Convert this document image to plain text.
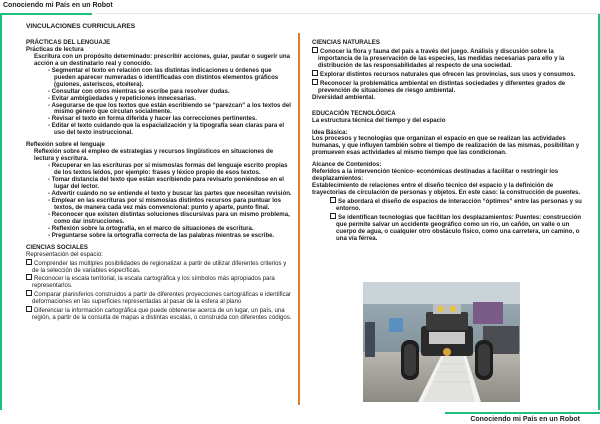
Conociendo mi País en un Robot
VINCULACIONES CURRICULARES
PRÁCTICAS DEL LENGUAJE
Prácticas de lectura
Escritura con un propósito determinado: prescribir acciones, guiar, pautar o sugerir una acción a un destinatario real y conocido.
- Segmentar el texto en relación con las distintas indicaciones u órdenes que pueden aparecer numeradas o identificadas con distintos elementos gráficos (guiones, asteriscos, etcétera).
- Consultar con otros mientras se escribe para resolver dudas.
- Evitar ambigüedades y repeticiones innecesarias.
- Asegurarse de que los textos que están escribiendo se “parezcan” a los textos del mismo género que circulan socialmente.
- Revisar el texto en forma diferida y hacer las correcciones pertinentes.
- Editar el texto cuidando que la espacialización y la tipografía sean claras para el uso del texto instruccional.
Reflexión sobre el lenguaje
Reflexión sobre el empleo de estrategias y recursos lingüísticos en situaciones de lectura y escritura.
- Recuperar en las escrituras por sí mismos/as formas del lenguaje escrito propias de los textos leídos, por ejemplo: frases y léxico propio de esos textos.
- Tomar distancia del texto que están escribiendo para revisarlo poniéndose en el lugar del lector.
- Advertir cuándo no se entiende el texto y buscar las partes que necesitan revisión.
- Emplear en las escrituras por sí mismos/as distintos recursos para puntuar los textos, de manera cada vez más convencional: punto y aparte, punto final.
- Reconocer que existen distintas soluciones discursivas para un mismo problema, como dar instrucciones.
- Reflexión sobre la ortografía, en el marco de situaciones de escritura.
- Preguntarse sobre la ortografía correcta de las palabras mientras se escribe.
CIENCIAS SOCIALES
Representación del espacio:
Comprender las múltiples posibilidades de regionalizar a partir de utilizar diferentes criterios y de la selección de variables específicas.
Reconocer la escala territorial, la escala cartográfica y los símbolos más apropiados para representarlos.
Comparar planisferios construidos a partir de diferentes proyecciones cartográficas e identificar deformaciones en las superficies representadas al pasar de la esfera al plano
Diferenciar la información cartográfica que puede obtenerse acerca de un lugar, un país, una región, a partir de la consulta de mapas a distintas escalas, o construida con diferentes códigos.
CIENCIAS NATURALES
Conocer la flora y fauna del país a través del juego. Análisis y discusión sobre la importancia de la preservación de las especies, las medidas necesarias para ello y la distribución de las responsabilidades al respecto de una sociedad.
Explorar distintos recursos naturales que ofrecen las provincias, sus usos y consumos.
Reconocer la problemática ambiental en distintas sociedades y diferentes grados de prevención de situaciones de riesgo ambiental.
Diversidad ambiental.
EDUCACIÓN TECNOLÓGICA
La estructura técnica del tiempo y del espacio
Idea Básica:
Los procesos y tecnologías que organizan el espacio en que se realizan las actividades humanas, y que influyen también sobre el tiempo de realización de las mismas, posibilitan y promueven esas actividades al mismo tiempo que las condicionan.
Alcance de Contenidos:
Referidos a la intervención técnico- económicas destinadas a facilitar o restringir los desplazamientos:
Establecimiento de relaciones entre el diseño técnico del espacio y la definición de trayectorias de circulación de personas y objetos. En este caso: la construcción de puentes.
Se abordará el diseño de espacios de interacción “óptimos” entre las personas y su entorno.
Se identifican tecnologías que facilitan los desplazamientos: Puentes: construcción que permite salvar un accidente geográfico como un río, un cañón, un valle o un cuerpo de agua, o cualquier otro obstáculo físico, como una carretera, un camino, o una vía férrea.
Conociendo mi País en un Robot
